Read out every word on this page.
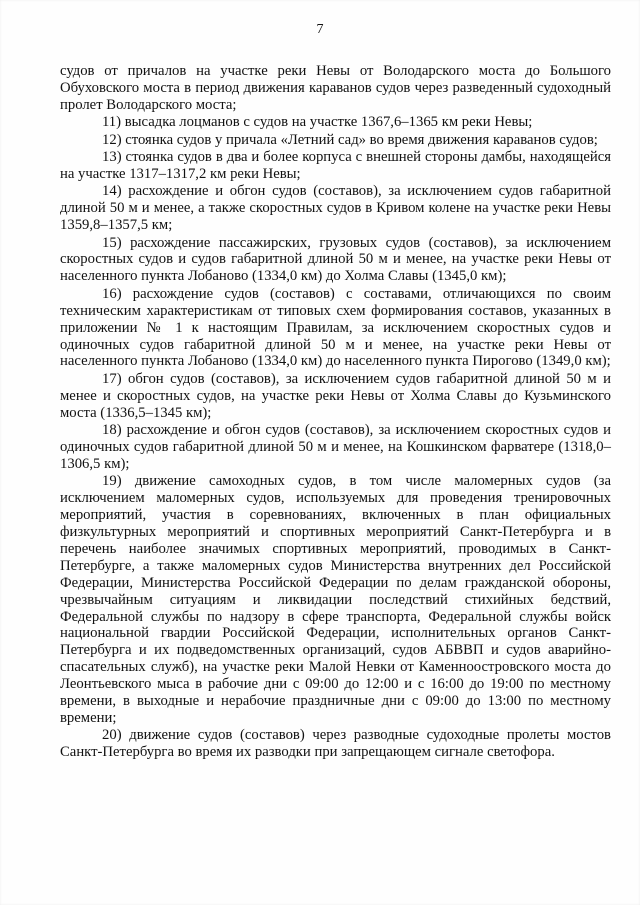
7

судов от причалов на участке реки Невы от Володарского моста до Большого Обуховского моста в период движения караванов судов через разведенный судоходный пролет Володарского моста;

11) высадка лоцманов с судов на участке 1367,6–1365 км реки Невы;

12) стоянка судов у причала «Летний сад» во время движения караванов судов;

13) стоянка судов в два и более корпуса с внешней стороны дамбы, находящейся на участке 1317–1317,2 км реки Невы;

14) расхождение и обгон судов (составов), за исключением судов габаритной длиной 50 м и менее, а также скоростных судов в Кривом колене на участке реки Невы 1359,8–1357,5 км;

15) расхождение пассажирских, грузовых судов (составов), за исключением скоростных судов и судов габаритной длиной 50 м и менее, на участке реки Невы от населенного пункта Лобаново (1334,0 км) до Холма Славы (1345,0 км);

16) расхождение судов (составов) с составами, отличающихся по своим техническим характеристикам от типовых схем формирования составов, указанных в приложении № 1 к настоящим Правилам, за исключением скоростных судов и одиночных судов габаритной длиной 50 м и менее, на участке реки Невы от населенного пункта Лобаново (1334,0 км) до населенного пункта Пирогово (1349,0 км);

17) обгон судов (составов), за исключением судов габаритной длиной 50 м и менее и скоростных судов, на участке реки Невы от Холма Славы до Кузьминского моста (1336,5–1345 км);

18) расхождение и обгон судов (составов), за исключением скоростных судов и одиночных судов габаритной длиной 50 м и менее, на Кошкинском фарватере (1318,0–1306,5 км);

19) движение самоходных судов, в том числе маломерных судов (за исключением маломерных судов, используемых для проведения тренировочных мероприятий, участия в соревнованиях, включенных в план официальных физкультурных мероприятий и спортивных мероприятий Санкт-Петербурга и в перечень наиболее значимых спортивных мероприятий, проводимых в Санкт-Петербурге, а также маломерных судов Министерства внутренних дел Российской Федерации, Министерства Российской Федерации по делам гражданской обороны, чрезвычайным ситуациям и ликвидации последствий стихийных бедствий, Федеральной службы по надзору в сфере транспорта, Федеральной службы войск национальной гвардии Российской Федерации, исполнительных органов Санкт-Петербурга и их подведомственных организаций, судов АБВВП и судов аварийно-спасательных служб), на участке реки Малой Невки от Каменноостровского моста до Леонтьевского мыса в рабочие дни с 09:00 до 12:00 и с 16:00 до 19:00 по местному времени, в выходные и нерабочие праздничные дни с 09:00 до 13:00 по местному времени;

20) движение судов (составов) через разводные судоходные пролеты мостов Санкт-Петербурга во время их разводки при запрещающем сигнале светофора.
